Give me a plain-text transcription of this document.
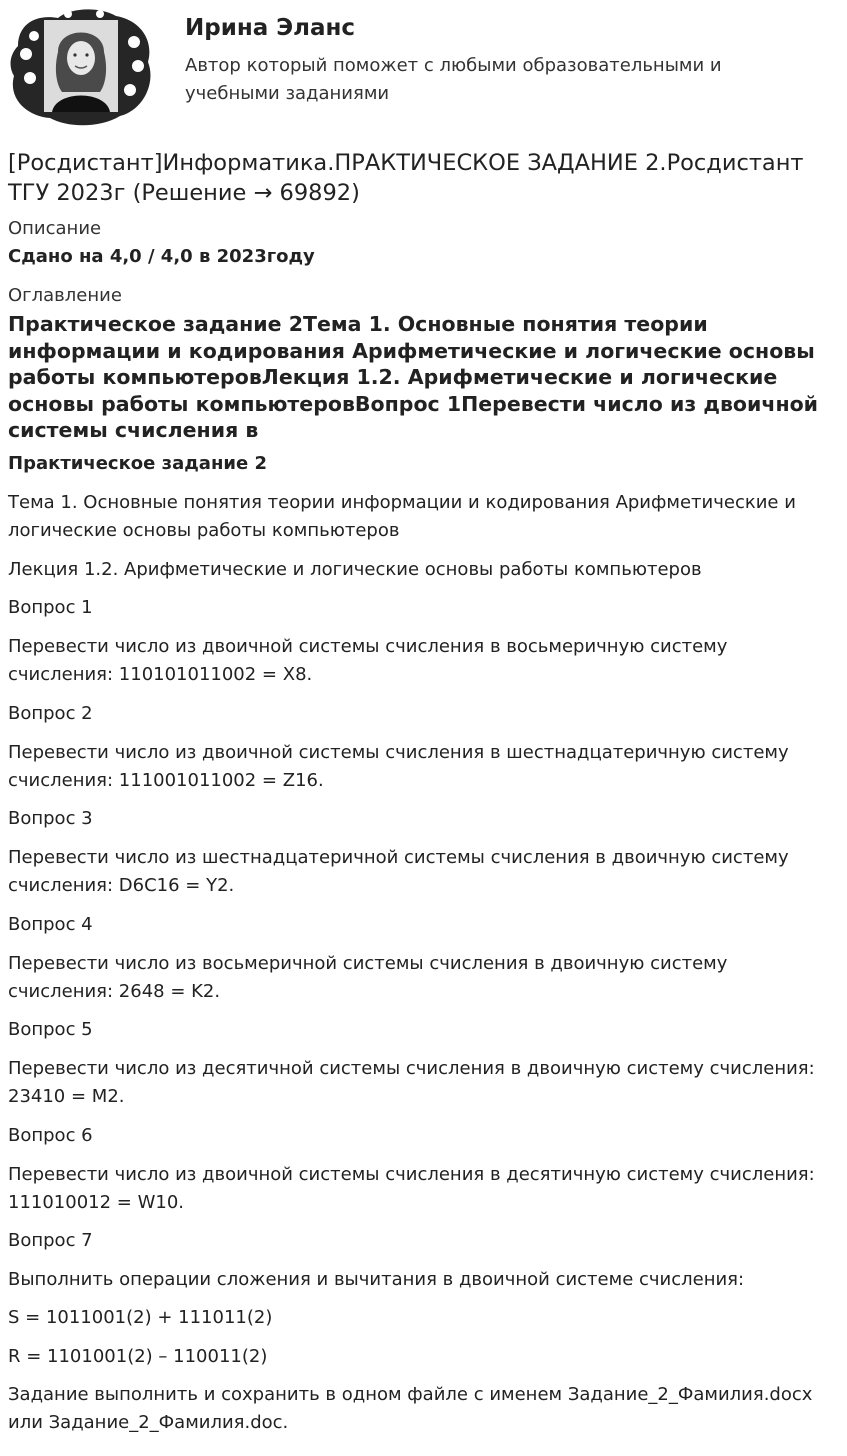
Ирина Эланс

Автор который поможет с любыми образовательными и учебными заданиями

[Росдистант]Информатика.ПРАКТИЧЕСКОЕ ЗАДАНИЕ 2.Росдистант ТГУ 2023г (Решение → 69892)

Описание

Сдано на 4,0 / 4,0 в 2023году

Оглавление

Практическое задание 2Тема 1. Основные понятия теории информации и кодирования Арифметические и логические основы работы компьютеровЛекция 1.2. Арифметические и логические основы работы компьютеровВопрос 1Перевести число из двоичной системы счисления в

Практическое задание 2

Тема 1. Основные понятия теории информации и кодирования Арифметические и логические основы работы компьютеров

Лекция 1.2. Арифметические и логические основы работы компьютеров

Вопрос 1

Перевести число из двоичной системы счисления в восьмеричную систему счисления: 110101011002 = X8.

Вопрос 2

Перевести число из двоичной системы счисления в шестнадцатеричную систему счисления: 111001011002 = Z16.

Вопрос 3

Перевести число из шестнадцатеричной системы счисления в двоичную систему счисления: D6C16 = Y2.

Вопрос 4

Перевести число из восьмеричной системы счисления в двоичную систему счисления: 2648 = K2.

Вопрос 5

Перевести число из десятичной системы счисления в двоичную систему счисления: 23410 = M2.

Вопрос 6

Перевести число из двоичной системы счисления в десятичную систему счисления: 111010012 = W10.

Вопрос 7

Выполнить операции сложения и вычитания в двоичной системе счисления:

S = 1011001(2) + 111011(2)

R = 1101001(2) – 110011(2)

Задание выполнить и сохранить в одном файле с именем Задание_2_Фамилия.docx или Задание_2_Фамилия.doc.
